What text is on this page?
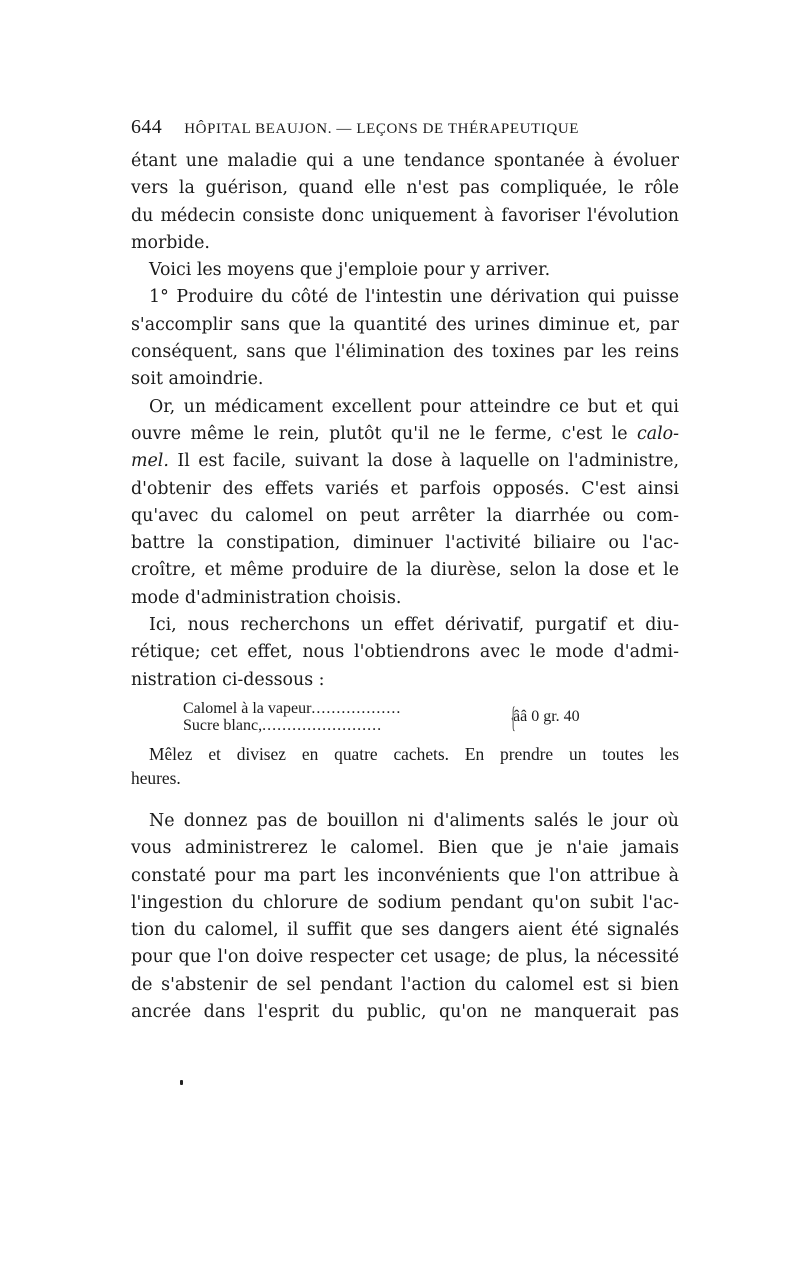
644 HÔPITAL BEAUJON. — LEÇONS DE THÉRAPEUTIQUE

étant une maladie qui a une tendance spontanée à évoluer
vers la guérison, quand elle n'est pas compliquée, le rôle
du médecin consiste donc uniquement à favoriser l'évolution
morbide.

Voici les moyens que j'emploie pour y arriver.

1° Produire du côté de l'intestin une dérivation qui puisse
s'accomplir sans que la quantité des urines diminue et, par
conséquent, sans que l'élimination des toxines par les reins
soit amoindrie.

Or, un médicament excellent pour atteindre ce but et qui
ouvre même le rein, plutôt qu'il ne le ferme, c'est le calo-
mel. Il est facile, suivant la dose à laquelle on l'administre,
d'obtenir des effets variés et parfois opposés. C'est ainsi
qu'avec du calomel on peut arrêter la diarrhée ou com-
battre la constipation, diminuer l'activité biliaire ou l'ac-
croître, et même produire de la diurèse, selon la dose et le
mode d'administration choisis.

Ici, nous recherchons un effet dérivatif, purgatif et diu-
rétique; cet effet, nous l'obtiendrons avec le mode d'admi-
nistration ci-dessous :

Calomel à la vapeur..................
Sucre blanc,........................	{
ââ 0 gr. 40

Mêlez et divisez en quatre cachets. En prendre un toutes les
heures.

Ne donnez pas de bouillon ni d'aliments salés le jour où
vous administrerez le calomel. Bien que je n'aie jamais
constaté pour ma part les inconvénients que l'on attribue à
l'ingestion du chlorure de sodium pendant qu'on subit l'ac-
tion du calomel, il suffit que ses dangers aient été signalés
pour que l'on doive respecter cet usage; de plus, la nécessité
de s'abstenir de sel pendant l'action du calomel est si bien
ancrée dans l'esprit du public, qu'on ne manquerait pas
